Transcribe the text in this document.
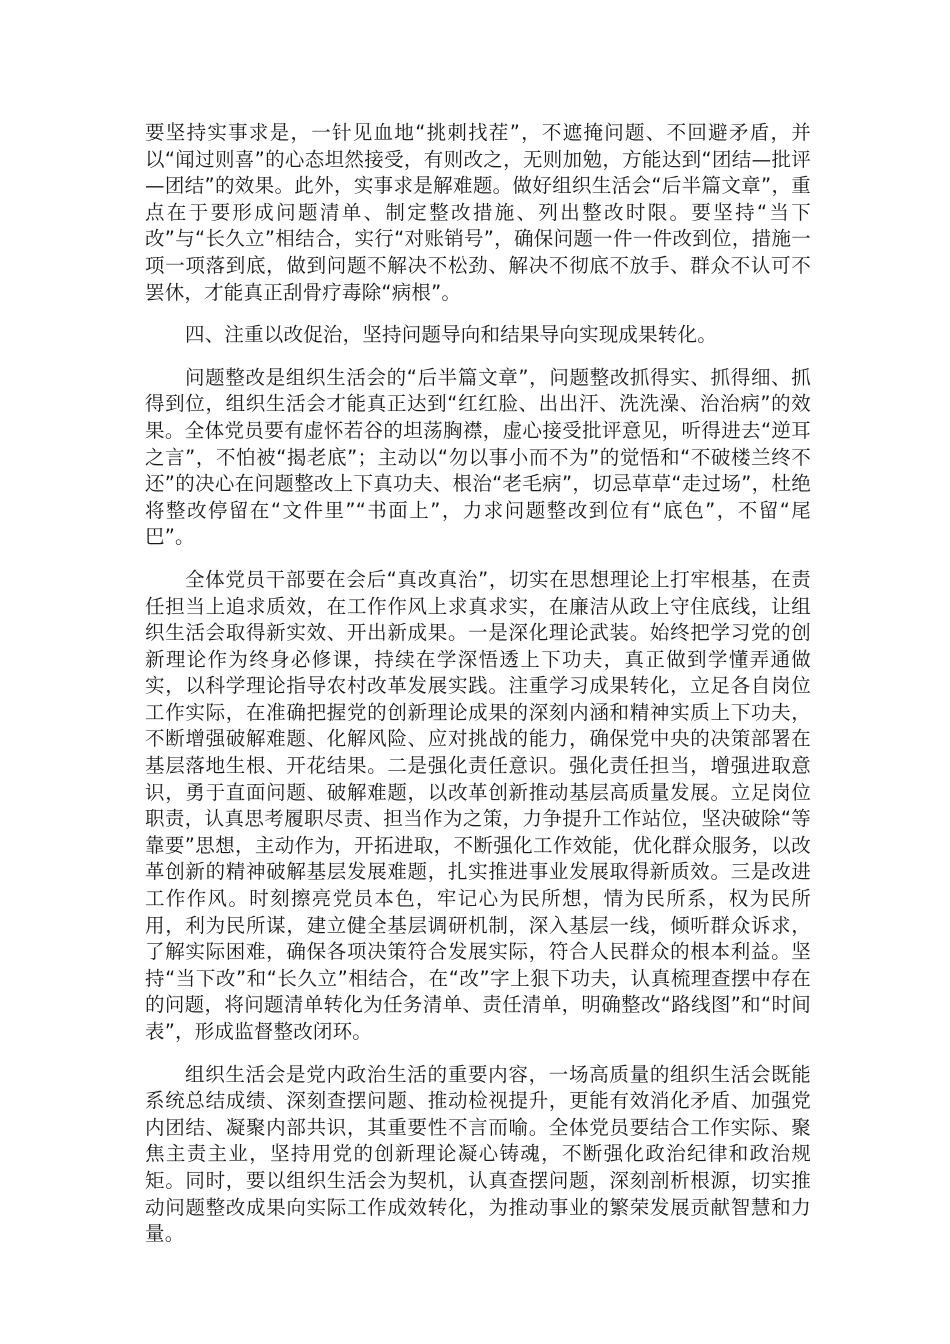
要坚持实事求是，一针见血地“挑刺找茬”，不遮掩问题、不回避矛盾，并以“闻过则喜”的心态坦然接受，有则改之，无则加勉，方能达到“团结—批评—团结”的效果。此外，实事求是解难题。做好组织生活会“后半篇文章”，重点在于要形成问题清单、制定整改措施、列出整改时限。要坚持“当下改”与“长久立”相结合，实行“对账销号”，确保问题一件一件改到位，措施一项一项落到底，做到问题不解决不松劲、解决不彻底不放手、群众不认可不罢休，才能真正刮骨疗毒除“病根”。

四、注重以改促治，坚持问题导向和结果导向实现成果转化。

问题整改是组织生活会的“后半篇文章”，问题整改抓得实、抓得细、抓得到位，组织生活会才能真正达到“红红脸、出出汗、洗洗澡、治治病”的效果。全体党员要有虚怀若谷的坦荡胸襟，虚心接受批评意见，听得进去“逆耳之言”，不怕被“揭老底”；主动以“勿以事小而不为”的觉悟和“不破楼兰终不还”的决心在问题整改上下真功夫、根治“老毛病”，切忌草草“走过场”，杜绝将整改停留在“文件里”“书面上”，力求问题整改到位有“底色”，不留“尾巴”。

全体党员干部要在会后“真改真治”，切实在思想理论上打牢根基，在责任担当上追求质效，在工作作风上求真求实，在廉洁从政上守住底线，让组织生活会取得新实效、开出新成果。一是深化理论武装。始终把学习党的创新理论作为终身必修课，持续在学深悟透上下功夫，真正做到学懂弄通做实，以科学理论指导农村改革发展实践。注重学习成果转化，立足各自岗位工作实际，在准确把握党的创新理论成果的深刻内涵和精神实质上下功夫，不断增强破解难题、化解风险、应对挑战的能力，确保党中央的决策部署在基层落地生根、开花结果。二是强化责任意识。强化责任担当，增强进取意识，勇于直面问题、破解难题，以改革创新推动基层高质量发展。立足岗位职责，认真思考履职尽责、担当作为之策，力争提升工作站位，坚决破除“等靠要”思想，主动作为，开拓进取，不断强化工作效能，优化群众服务，以改革创新的精神破解基层发展难题，扎实推进事业发展取得新质效。三是改进工作作风。时刻擦亮党员本色，牢记心为民所想，情为民所系，权为民所用，利为民所谋，建立健全基层调研机制，深入基层一线，倾听群众诉求，了解实际困难，确保各项决策符合发展实际，符合人民群众的根本利益。坚持“当下改”和“长久立”相结合，在“改”字上狠下功夫，认真梳理查摆中存在的问题，将问题清单转化为任务清单、责任清单，明确整改“路线图”和“时间表”，形成监督整改闭环。

组织生活会是党内政治生活的重要内容，一场高质量的组织生活会既能系统总结成绩、深刻查摆问题、推动检视提升，更能有效消化矛盾、加强党内团结、凝聚内部共识，其重要性不言而喻。全体党员要结合工作实际、聚焦主责主业，坚持用党的创新理论凝心铸魂，不断强化政治纪律和政治规矩。同时，要以组织生活会为契机，认真查摆问题，深刻剖析根源，切实推动问题整改成果向实际工作成效转化，为推动事业的繁荣发展贡献智慧和力量。
